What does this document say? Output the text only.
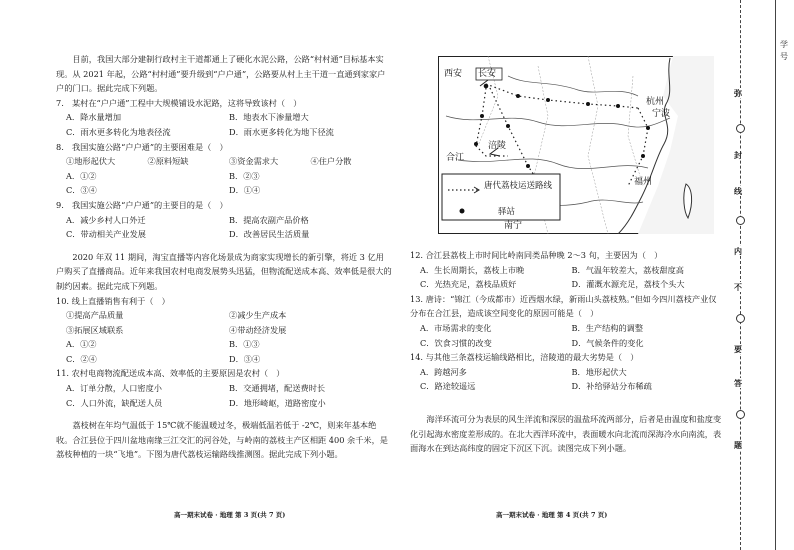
目前，我国大部分建制行政村主干道都通上了硬化水泥公路，公路“村村通”目标基本实现。从 2021 年起，公路“村村通”要升级到“户户通”，公路要从村上主干道一直通到家家户户的门口。据此完成下列题。

7.　某村在“户户通”工程中大规模铺设水泥路，这将导致该村（　）

A．降水量增加	B．地表水下渗量增大
C．雨水更多转化为地表径流	D．雨水更多转化为地下径流

8.　我国实施公路“户户通”的主要困难是（　）

①地形起伏大	②原料短缺	③资金需求大	④住户分散
A．①②	B．②③
C．③④	D．①④

9.　我国实施公路“户户通”的主要目的是（　）

A．减少乡村人口外迁	B．提高农副产品价格
C．带动相关产业发展	D．改善居民生活质量

2020 年双 11 期间，淘宝直播等内容化场景成为商家实现增长的新引擎，将近 3 亿用户购买了直播商品。近年来我国农村电商发展势头迅猛，但物流配送成本高、效率低是很大的制约因素。据此完成下列题。

10. 线上直播销售有利于（　）

①提高产品质量	②减少生产成本
③拓展区域联系	④带动经济发展
A．①②	B．①③
C．②④	D．③④

11. 农村电商物流配送成本高、效率低的主要原因是农村（　）

A．订单分散，人口密度小	B．交通拥堵，配送费时长
C．人口外流，缺配送人员	D．地形崎岖，道路密度小

荔枝树在年均气温低于 15℃就不能温暖过冬，极端低温若低于 -2℃，则来年基本绝收。合江县位于四川盆地南缘三江交汇的河谷处，与岭南的荔枝主产区相距 400 余千米，是荔枝种植的一块“飞地”。下图为唐代荔枝运输路线推测图。据此完成下列小题。

高一期末试卷 · 地理 第 3 页(共 7 页)
西安 长安
杭州
宁波
合江
涪陵
福州
南宁
唐代荔枝运送路线
驿站

12. 合江县荔枝上市时间比岭南同类品种晚 2～3 旬，主要因为（　）

A．生长周期长，荔枝上市晚	B．气温年较差大，荔枝甜度高
C．光热充足，荔枝品质好	D．灌溉水源充足，荔枝个头大

13. 唐诗：“锦江（今成都市）近西烟水绿，新雨山头荔枝熟。”但如今四川荔枝产业仅分布在合江县，造成该空间变化的原因可能是（　）

A．市场需求的变化	B．生产结构的调整
C．饮食习惯的改变	D．气候条件的变化

14. 与其他三条荔枝运输线路相比，涪陵道的最大劣势是（　）

A．跨越河多	B．地形起伏大
C．路途较遥远	D．补给驿站分布稀疏

海洋环流可分为表层的风生洋流和深层的温盐环流两部分，后者是由温度和盐度变化引起海水密度差形成的。在北大西洋环流中，表面暖水向北流而深海冷水向南流，表面海水在到达高纬度的固定下沉区下沉。读图完成下列小题。

高一期末试卷 · 地理 第 4 页(共 7 页)
弥
封
线
内
不
要
答
题
学
号
